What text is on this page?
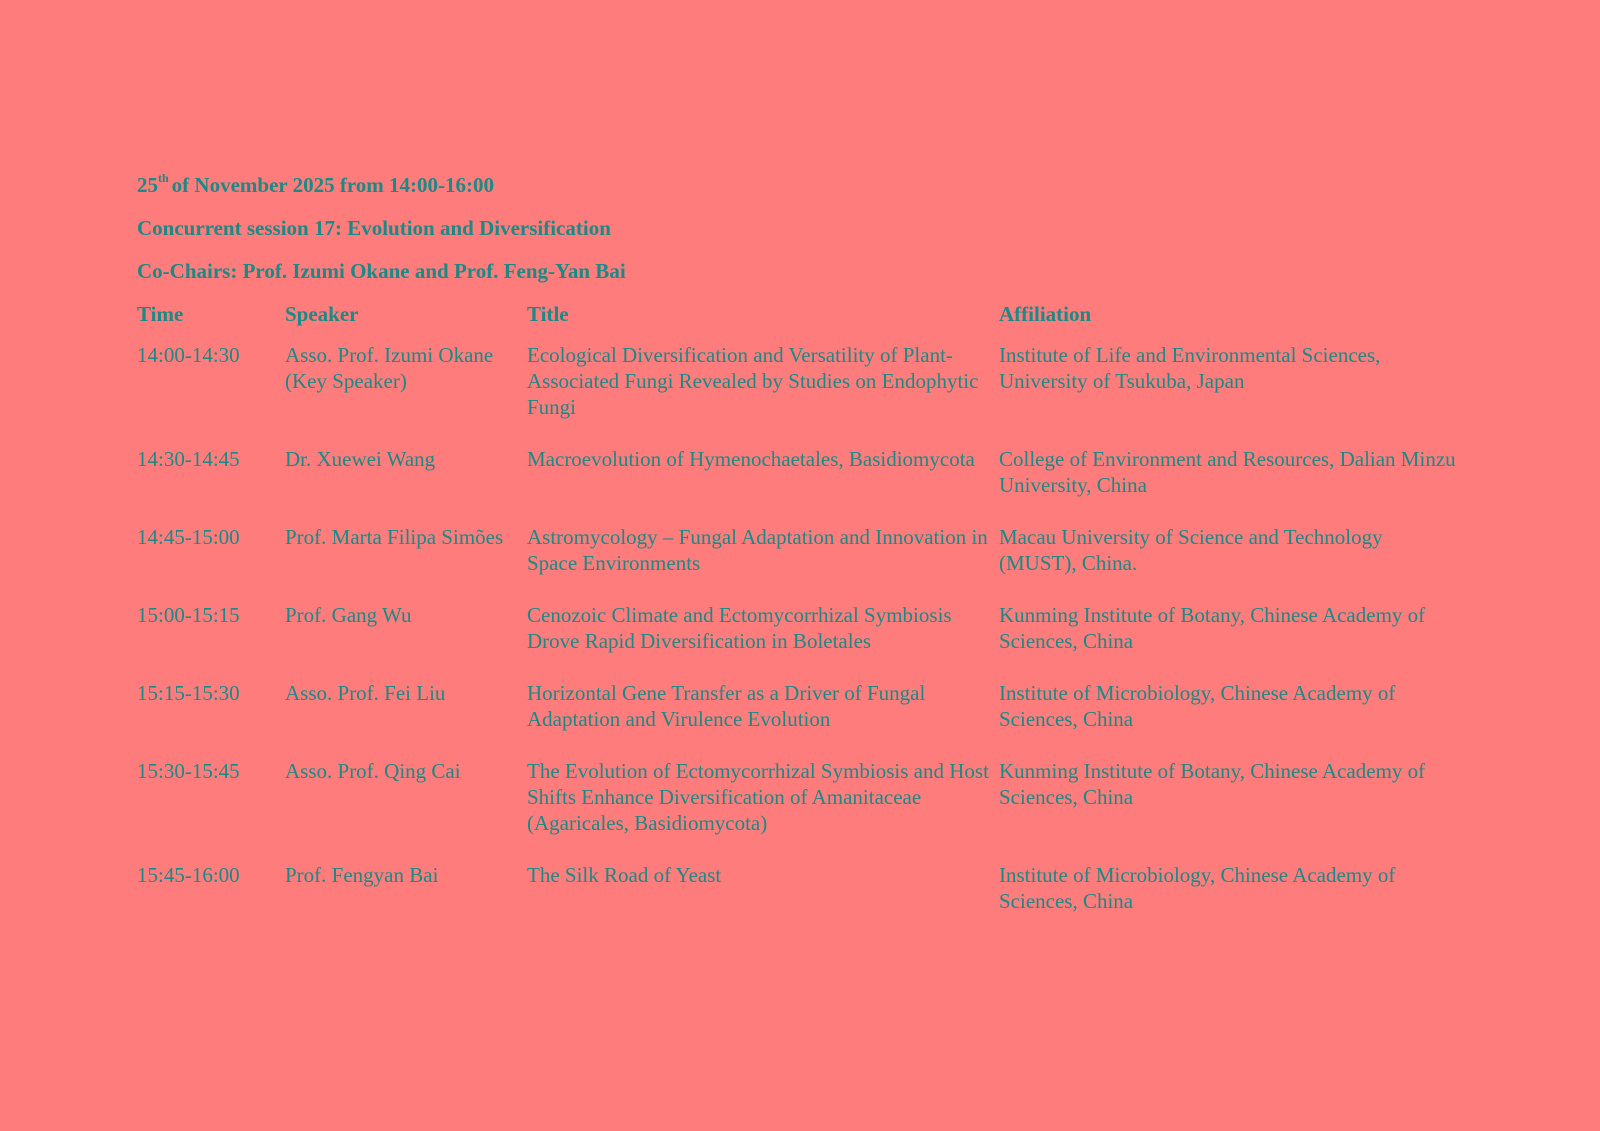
25th of November 2025 from 14:00-16:00
Concurrent session 17: Evolution and Diversification
Co-Chairs: Prof. Izumi Okane and Prof. Feng-Yan Bai
Time	Speaker	Title	Affiliation
14:00-14:30	Asso. Prof. Izumi Okane (Key Speaker)	Ecological Diversification and Versatility of Plant-Associated Fungi Revealed by Studies on Endophytic Fungi	Institute of Life and Environmental Sciences, University of Tsukuba, Japan
14:30-14:45	Dr. Xuewei Wang	Macroevolution of Hymenochaetales, Basidiomycota	College of Environment and Resources, Dalian Minzu University, China
14:45-15:00	Prof. Marta Filipa Simões	Astromycology – Fungal Adaptation and Innovation in Space Environments	Macau University of Science and Technology (MUST), China.
15:00-15:15	Prof. Gang Wu	Cenozoic Climate and Ectomycorrhizal Symbiosis Drove Rapid Diversification in Boletales	Kunming Institute of Botany, Chinese Academy of Sciences, China
15:15-15:30	Asso. Prof. Fei Liu	Horizontal Gene Transfer as a Driver of Fungal Adaptation and Virulence Evolution	Institute of Microbiology, Chinese Academy of Sciences, China
15:30-15:45	Asso. Prof. Qing Cai	The Evolution of Ectomycorrhizal Symbiosis and Host Shifts Enhance Diversification of Amanitaceae (Agaricales, Basidiomycota)	Kunming Institute of Botany, Chinese Academy of Sciences, China
15:45-16:00	Prof. Fengyan Bai	The Silk Road of Yeast	Institute of Microbiology, Chinese Academy of Sciences, China
